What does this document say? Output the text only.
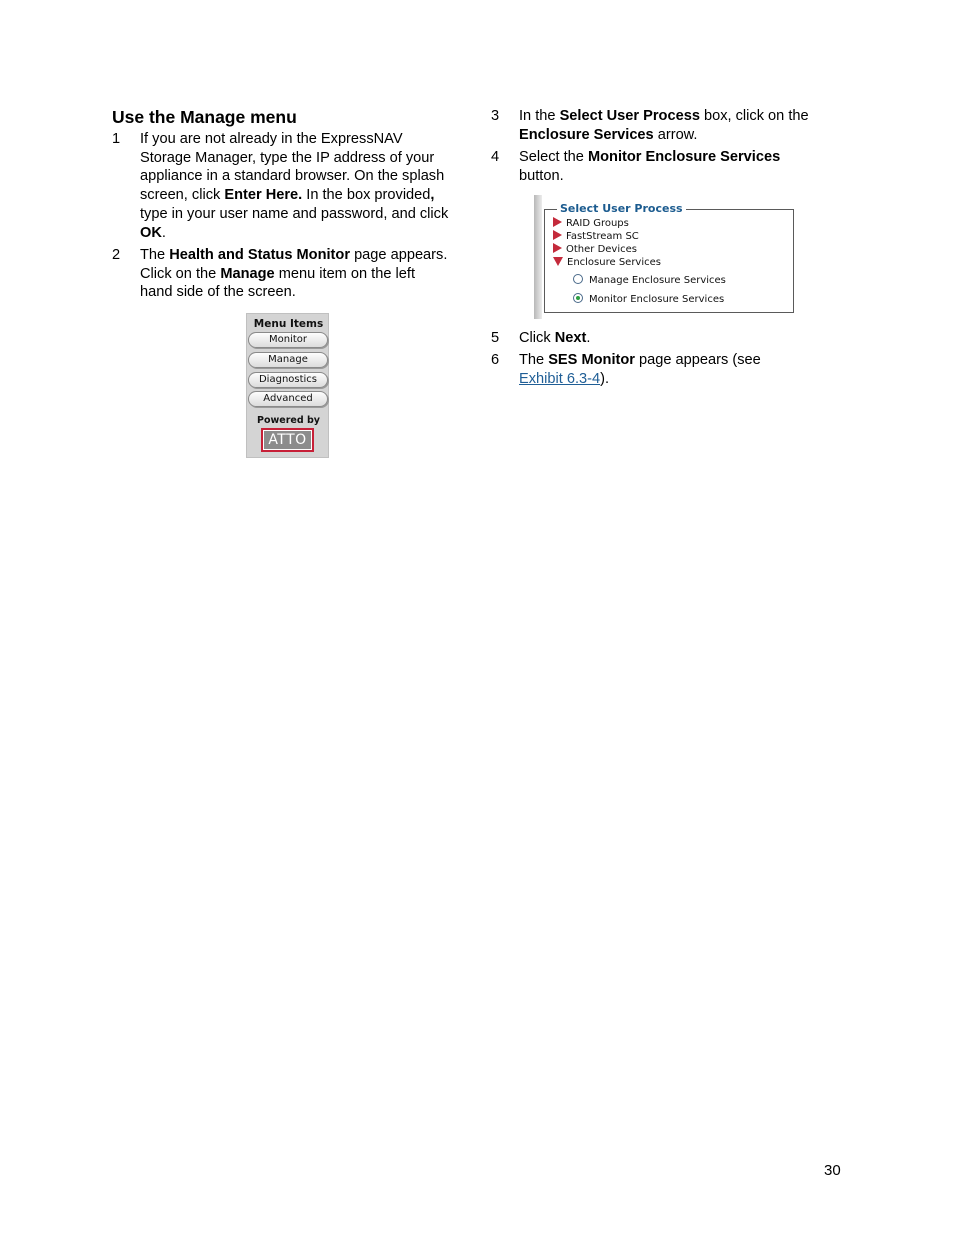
Use the Manage menu
1 If you are not already in the ExpressNAV
Storage Manager, type the IP address of your
appliance in a standard browser. On the splash
screen, click Enter Here. In the box provided,
type in your user name and password, and click
OK.
2 The Health and Status Monitor page appears.
Click on the Manage menu item on the left
hand side of the screen.
Menu Items
Monitor
Manage
Diagnostics
Advanced
Powered by
ATTO
3 In the Select User Process box, click on the
Enclosure Services arrow.
4 Select the Monitor Enclosure Services
button.
Select User Process
RAID Groups
FastStream SC
Other Devices
Enclosure Services
Manage Enclosure Services
Monitor Enclosure Services
5 Click Next.
6 The SES Monitor page appears (see
Exhibit 6.3-4).
30
